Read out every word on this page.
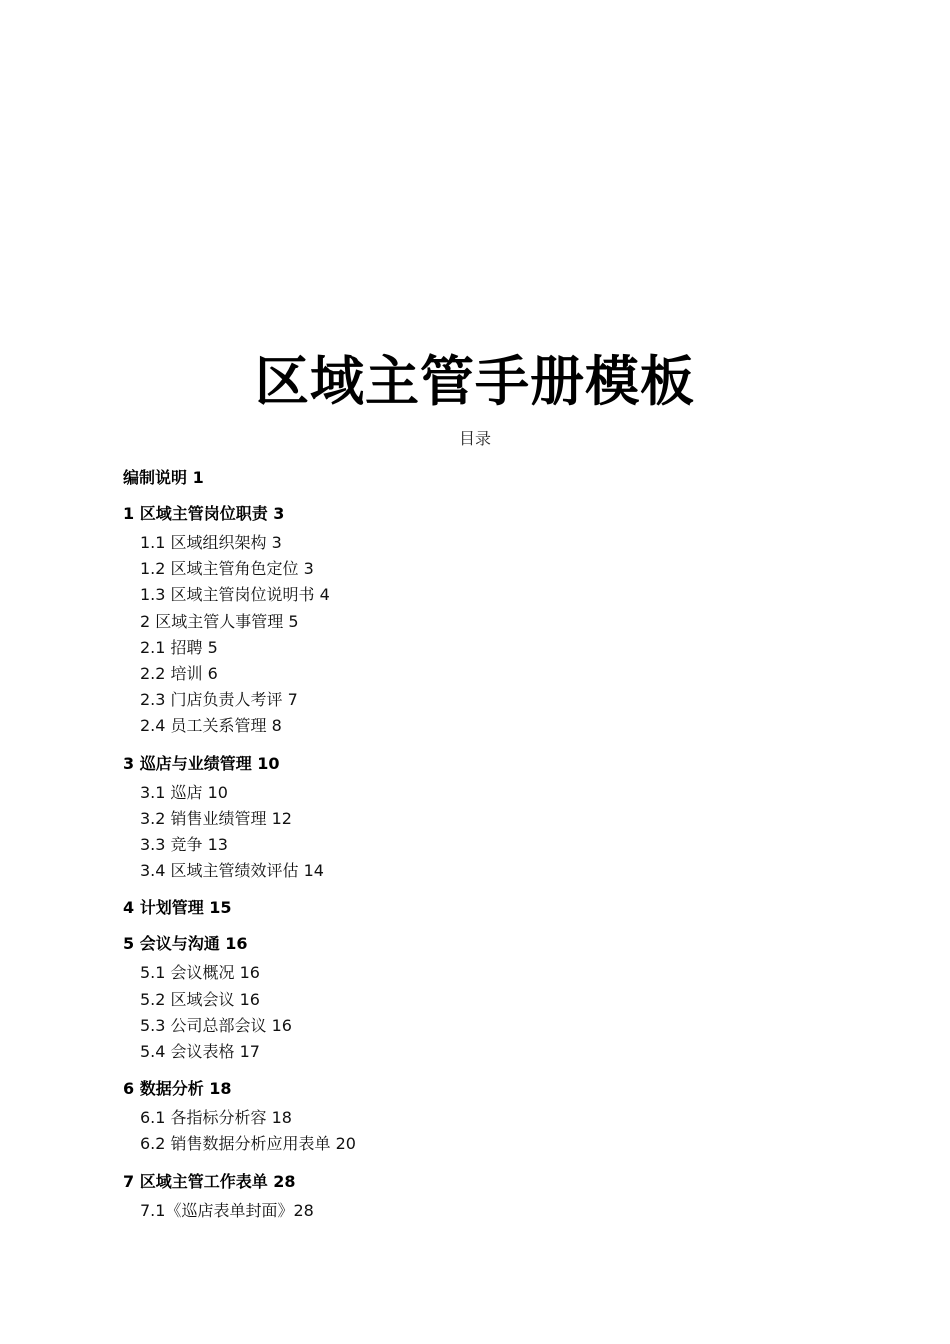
区域主管手册模板
目录
编制说明 1
1 区域主管岗位职责 3
1.1 区域组织架构 3
1.2 区域主管角色定位 3
1.3 区域主管岗位说明书 4
2 区域主管人事管理 5
2.1 招聘 5
2.2 培训 6
2.3 门店负责人考评 7
2.4 员工关系管理 8
3 巡店与业绩管理 10
3.1 巡店 10
3.2 销售业绩管理 12
3.3 竞争 13
3.4 区域主管绩效评估 14
4 计划管理 15
5 会议与沟通 16
5.1 会议概况 16
5.2 区域会议 16
5.3 公司总部会议 16
5.4 会议表格 17
6 数据分析 18
6.1 各指标分析容 18
6.2 销售数据分析应用表单 20
7 区域主管工作表单 28
7.1《巡店表单封面》28
